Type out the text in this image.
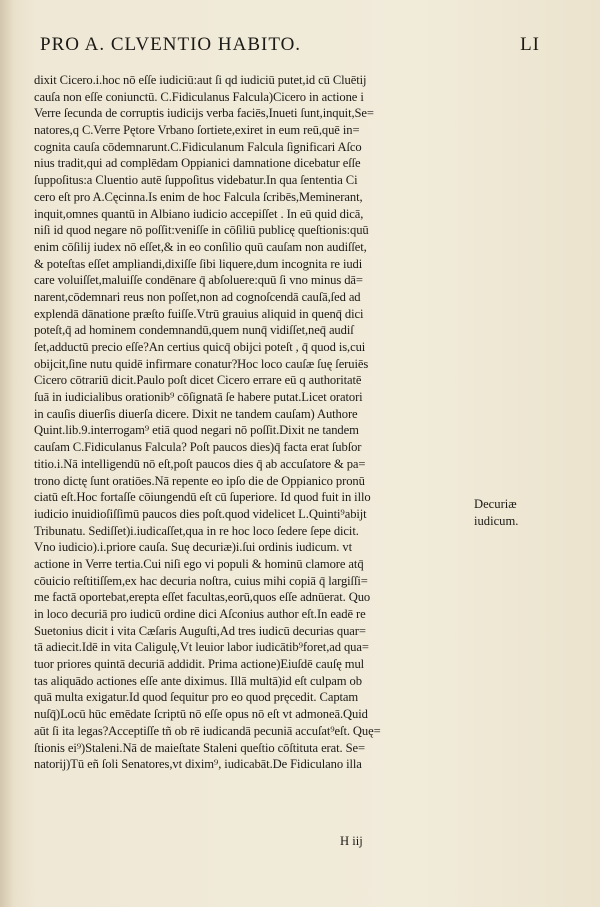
PRO A. CLVENTIO HABITO.	LI
dixit Cicero.i.hoc nō eſſe iudiciū:aut ſi qd iudiciū putet,id cū Cluētij
cauſa non eſſe coniunctū. C.Fidiculanus Falcula)Cicero in actione i
Verre ſecunda de corruptis iudicijs verba faciēs,Inueti ſunt,inquit,Se=
natores,q C.Verre Pętore Vrbano ſortiete,exiret in eum reū,quē in=
cognita cauſa cōdemnarunt.C.Fidiculanum Falcula ſignificari Aſco
nius tradit,qui ad complēdam Oppianici damnatione dicebatur eſſe
ſuppoſitus:a Cluentio autē ſuppoſitus videbatur.In qua ſententia Ci
cero eſt pro A.Cęcinna.Is enim de hoc Falcula ſcribēs,Meminerant,
inquit,omnes quantū in Albiano iudicio accepiſſet . In eū quid dicā,
niſi id quod negare nō poſſit:veniſſe in cōſiliū publicę queſtionis:quū
enim cōſilij iudex nō eſſet,& in eo conſilio quū cauſam non audiſſet,
& poteſtas eſſet ampliandi,dixiſſe ſibi liquere,dum incognita re iudi
care voluiſſet,maluiſſe condēnare q̄ abſoluere:quū ſi vno minus dā=
narent,cōdemnari reus non poſſet,non ad cognoſcendā cauſā,ſed ad
explendā dānatione præſto fuiſſe.Vtrū grauius aliquid in quenq̄ dici
poteſt,q̄ ad hominem condemnandū,quem nunq̄ vidiſſet,neq̄ audiſ
ſet,adductū precio eſſe?An certius quicq̄ obijci poteſt , q̄ quod is,cui
obijcit,ſine nutu quidē infirmare conatur?Hoc loco cauſæ ſuę ſeruiēs
Cicero cōtrariū dicit.Paulo poſt dicet Cicero errare eū q authoritatē
ſuā in iudicialibus orationib⁹ cōſignatā ſe habere putat.Licet oratori
in cauſis diuerſis diuerſa dicere. Dixit ne tandem cauſam) Authore
Quint.lib.9.interrogam⁹ etiā quod negari nō poſſit.Dixit ne tandem
cauſam C.Fidiculanus Falcula? Poſt paucos dies)q̄ facta erat ſubſor
titio.i.Nā intelligendū nō eſt,poſt paucos dies q̄ ab accuſatore & pa=
trono dictę ſunt oratiōes.Nā repente eo ipſo die de Oppianico pronū
ciatū eſt.Hoc fortaſſe cōiungendū eſt cū ſuperiore. Id quod fuit in illo
iudicio inuidioſiſſimū paucos dies poſt.quod videlicet L.Quinti⁹abijt
Tribunatu. Sediſſet)i.iudicaſſet,qua in re hoc loco ſedere ſepe dicit.
Vno iudicio).i.priore cauſa. Suę decuriæ)i.ſui ordinis iudicum. vt
actione in Verre tertia.Cui niſi ego vi populi & hominū clamore atq̄
cōuicio reſtitiſſem,ex hac decuria noſtra, cuius mihi copiā q̄ largiſſi=
me factā oportebat,erepta eſſet facultas,eorū,quos eſſe adnūerat. Quo
in loco decuriā pro iudicū ordine dici Aſconius author eſt.In eadē re
Suetonius dicit i vita Cæſaris Auguſti,Ad tres iudicū decurias quar=
tā adiecit.Idē in vita Caligulę,Vt leuior labor iudicātib⁹foret,ad qua=
tuor priores quintā decuriā addidit. Prima actione)Eiuſdē cauſę mul
tas aliquādo actiones eſſe ante diximus. Illā multā)id eſt culpam ob
quā multa exigatur.Id quod ſequitur pro eo quod pręcedit. Captam
nuſq̄)Locū hūc emēdate ſcriptū nō eſſe opus nō eſt vt admoneā.Quid
aūt ſi ita legas?Acceptiſſe tñ ob rē iudicandā pecuniā accuſat⁹eſt. Quę=
ſtionis ei⁹)Staleni.Nā de maieſtate Staleni queſtio cōſtituta erat. Se=
natorij)Tū eñ ſoli Senatores,vt dixim⁹, iudicabāt.De Fidiculano illa
Decuriæ
iudicum.
H iij
